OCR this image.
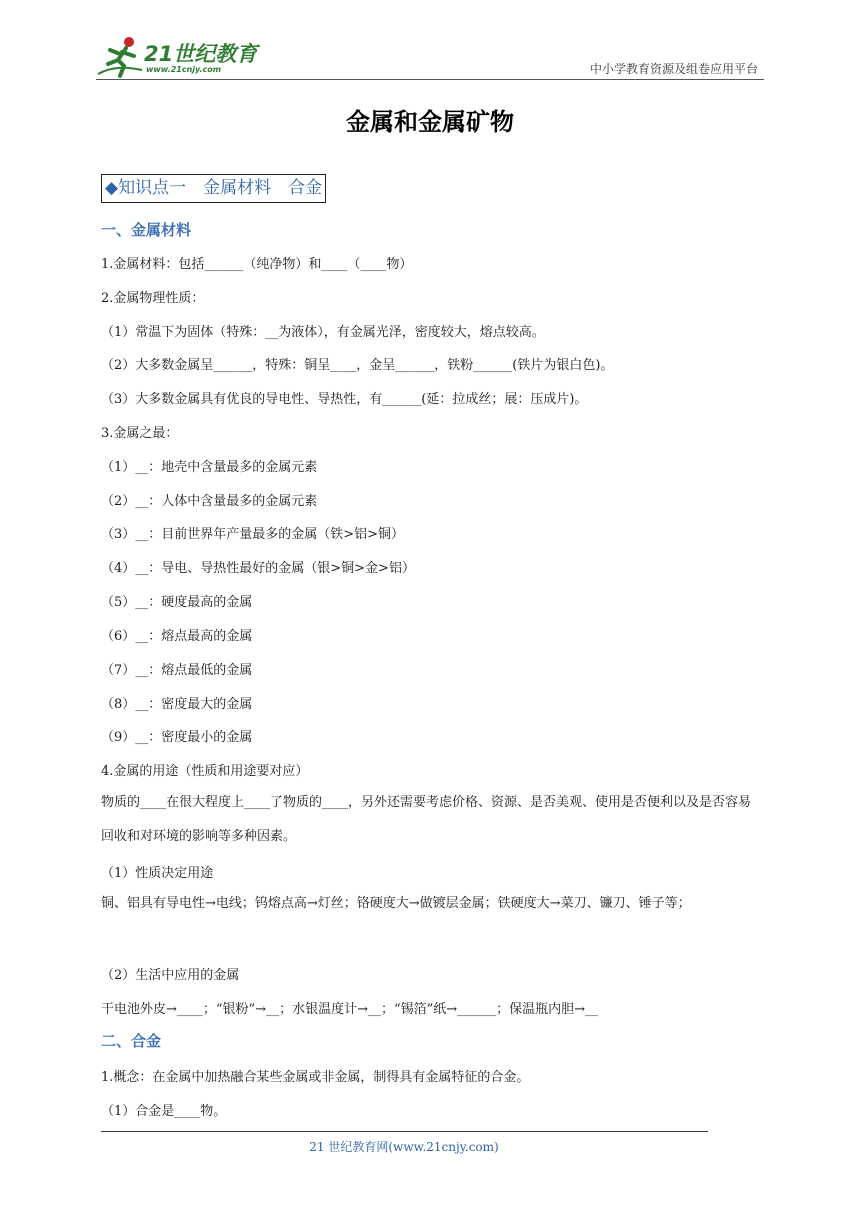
21世纪教育
www.21cnjy.com	中小学教育资源及组卷应用平台
金属和金属矿物
◆知识点一　金属材料　合金
一、金属材料
1.金属材料：包括______（纯净物）和____（____物）
2.金属物理性质：
（1）常温下为固体（特殊：__为液体），有金属光泽，密度较大，熔点较高。
（2）大多数金属呈______，特殊：铜呈____，金呈______，铁粉______(铁片为银白色)。
（3）大多数金属具有优良的导电性、导热性，有______(延：拉成丝；展：压成片)。
3.金属之最：
（1）__：地壳中含量最多的金属元素
（2）__：人体中含量最多的金属元素
（3）__：目前世界年产量最多的金属（铁>铝>铜）
（4）__：导电、导热性最好的金属（银>铜>金>铝）
（5）__：硬度最高的金属
（6）__：熔点最高的金属
（7）__：熔点最低的金属
（8）__：密度最大的金属
（9）__：密度最小的金属
4.金属的用途（性质和用途要对应）
物质的____在很大程度上____了物质的____，另外还需要考虑价格、资源、是否美观、使用是否便利以及是否容易回收和对环境的影响等多种因素。
（1）性质决定用途
铜、铝具有导电性→电线；钨熔点高→灯丝；铬硬度大→做镀层金属；铁硬度大→菜刀、镰刀、锤子等；
（2）生活中应用的金属
干电池外皮→____；“银粉”→__；水银温度计→__；“锡箔”纸→______；保温瓶内胆→__
二、合金
1.概念：在金属中加热融合某些金属或非金属，制得具有金属特征的合金。
（1）合金是____物。
21 世纪教育网(www.21cnjy.com)
